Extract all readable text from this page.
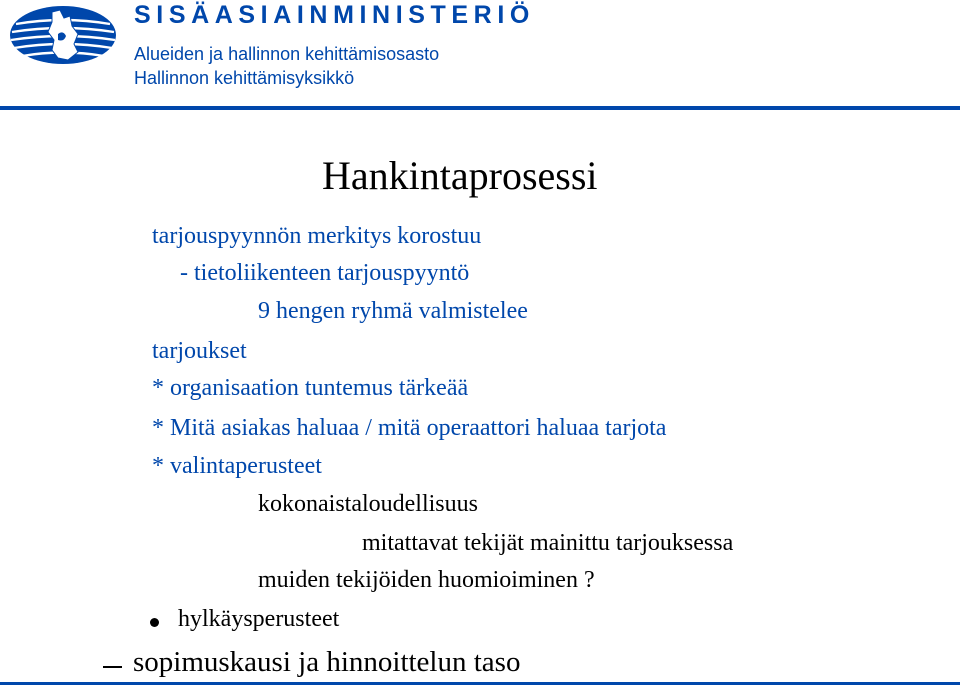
SISÄASIAINMINISTERIÖ
Alueiden ja hallinnon kehittämisosasto
Hallinnon kehittämisyksikkö
Hankintaprosessi
tarjouspyynnön merkitys korostuu
- tietoliikenteen tarjouspyyntö
9 hengen ryhmä valmistelee
tarjoukset
* organisaation tuntemus tärkeää
* Mitä asiakas haluaa / mitä operaattori haluaa tarjota
* valintaperusteet
kokonaistaloudellisuus
mitattavat tekijät mainittu tarjouksessa
muiden tekijöiden huomioiminen ?
hylkäysperusteet
sopimuskausi ja hinnoittelun taso
